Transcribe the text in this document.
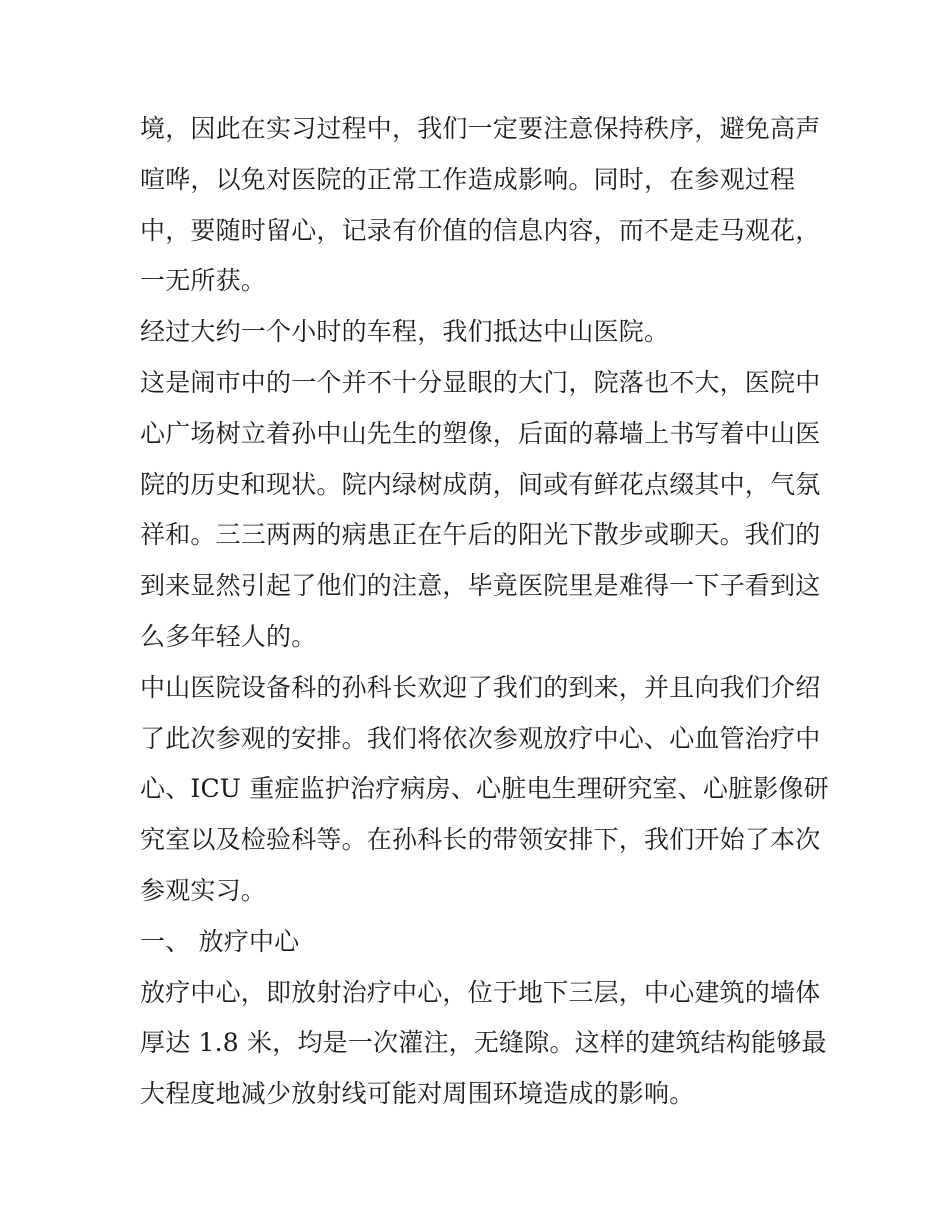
境，因此在实习过程中，我们一定要注意保持秩序，避免高声
喧哗，以免对医院的正常工作造成影响。同时，在参观过程
中，要随时留心，记录有价值的信息内容，而不是走马观花，
一无所获。
经过大约一个小时的车程，我们抵达中山医院。
这是闹市中的一个并不十分显眼的大门，院落也不大，医院中
心广场树立着孙中山先生的塑像，后面的幕墙上书写着中山医
院的历史和现状。院内绿树成荫，间或有鲜花点缀其中，气氛
祥和。三三两两的病患正在午后的阳光下散步或聊天。我们的
到来显然引起了他们的注意，毕竟医院里是难得一下子看到这
么多年轻人的。
中山医院设备科的孙科长欢迎了我们的到来，并且向我们介绍
了此次参观的安排。我们将依次参观放疗中心、心血管治疗中
心、ICU 重症监护治疗病房、心脏电生理研究室、心脏影像研
究室以及检验科等。在孙科长的带领安排下，我们开始了本次
参观实习。
一、 放疗中心
放疗中心，即放射治疗中心，位于地下三层，中心建筑的墙体
厚达 1.8 米，均是一次灌注，无缝隙。这样的建筑结构能够最
大程度地减少放射线可能对周围环境造成的影响。
